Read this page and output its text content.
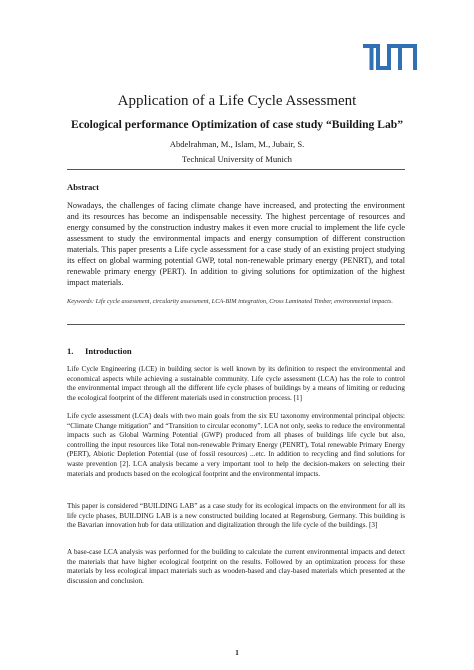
Application of a Life Cycle Assessment
Ecological performance Optimization of case study “Building Lab”
Abdelrahman, M., Islam, M., Jubair, S.
Technical University of Munich
Abstract

Nowadays, the challenges of facing climate change have increased, and protecting the environment and its resources has become an indispensable necessity. The highest percentage of resources and energy consumed by the construction industry makes it even more crucial to implement the life cycle assessment to study the environmental impacts and energy consumption of different construction materials. This paper presents a Life cycle assessment for a case study of an existing project studying its effect on global warming potential GWP, total non-renewable primary energy (PENRT), and total renewable primary energy (PERT). In addition to giving solutions for optimization of the highest impact materials.

Keywords: Life cycle assessment, circularity assessment, LCA-BIM integration, Cross Laminated Timber, environmental impacts.

1. Introduction

Life Cycle Engineering (LCE) in building sector is well known by its definition to respect the environmental and economical aspects while achieving a sustainable community. Life cycle assessment (LCA) has the role to control the environmental impact through all the different life cycle phases of buildings by a means of limiting or reducing the ecological footprint of the different materials used in construction process. [1]

Life cycle assessment (LCA) deals with two main goals from the six EU taxonomy environmental principal objects: “Climate Change mitigation” and “Transition to circular economy”. LCA not only, seeks to reduce the environmental impacts such as Global Warming Potential (GWP) produced from all phases of buildings life cycle but also, controlling the input resources like Total non-renewable Primary Energy (PENRT), Total renewable Primary Energy (PERT), Abiotic Depletion Potential (use of fossil resources) ...etc. In addition to recycling and find solutions for waste prevention [2]. LCA analysis became a very important tool to help the decision-makers on selecting their materials and products based on the ecological footprint and the environmental impacts.

This paper is considered “BUILDING LAB” as a case study for its ecological impacts on the environment for all its life cycle phases, BUILDING LAB is a new constructed building located at Regensburg, Germany. This building is the Bavarian innovation hub for data utilization and digitalization through the life cycle of the buildings. [3]

A base-case LCA analysis was performed for the building to calculate the current environmental impacts and detect the materials that have higher ecological footprint on the results. Followed by an optimization process for these materials by less ecological impact materials such as wooden-based and clay-based materials which presented at the discussion and conclusion.

1
